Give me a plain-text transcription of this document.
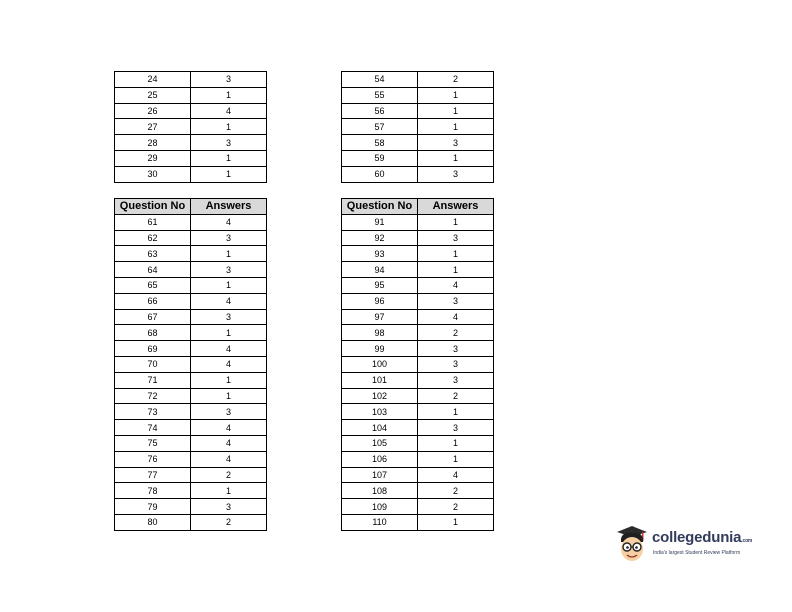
24	3
25	1
26	4
27	1
28	3
29	1
30	1
54	2
55	1
56	1
57	1
58	3
59	1
60	3
Question No	Answers
61	4
62	3
63	1
64	3
65	1
66	4
67	3
68	1
69	4
70	4
71	1
72	1
73	3
74	4
75	4
76	4
77	2
78	1
79	3
80	2
Question No	Answers
91	1
92	3
93	1
94	1
95	4
96	3
97	4
98	2
99	3
100	3
101	3
102	2
103	1
104	3
105	1
106	1
107	4
108	2
109	2
110	1
collegedunia.com
India's largest Student Review Platform
